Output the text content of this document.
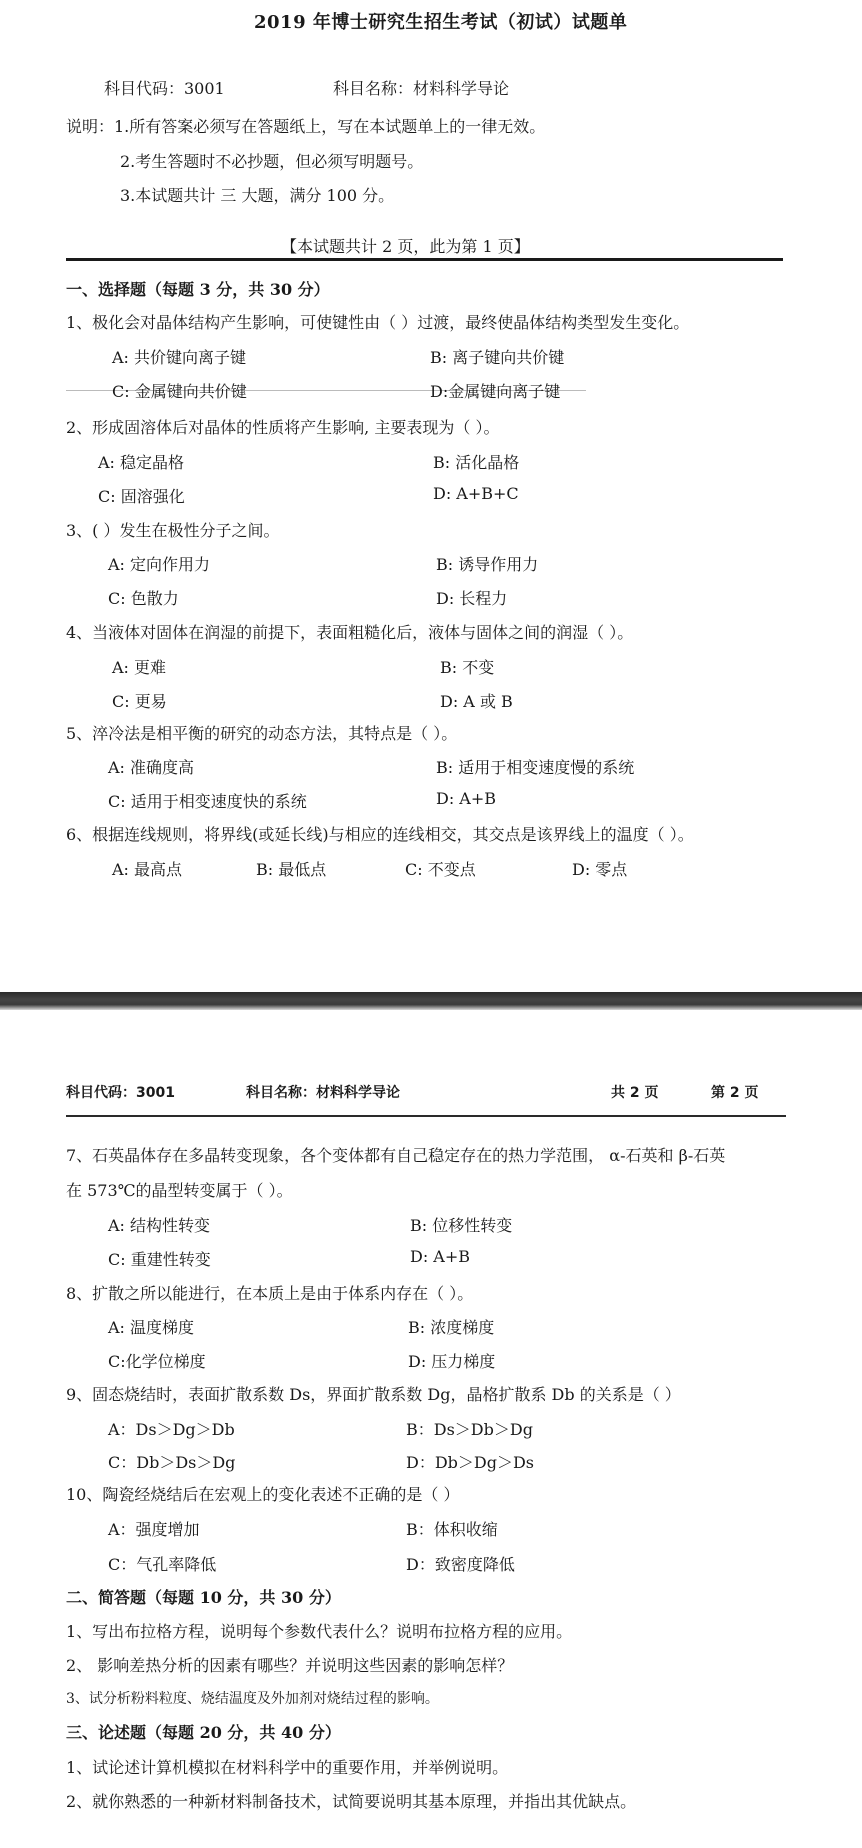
2019 年博士研究生招生考试（初试）试题单
科目代码：3001	科目名称：材料科学导论
说明：1.所有答案必须写在答题纸上，写在本试题单上的一律无效。
2.考生答题时不必抄题，但必须写明题号。
3.本试题共计 三 大题，满分 100 分。
【本试题共计 2 页，此为第 1 页】
一、选择题（每题 3 分，共 30 分）
1、极化会对晶体结构产生影响，可使键性由（ ）过渡，最终使晶体结构类型发生变化。
A: 共价键向离子键	B: 离子键向共价键
C: 金属键向共价键	D:金属键向离子键
2、形成固溶体后对晶体的性质将产生影响, 主要表现为（ ）。
A: 稳定晶格	B: 活化晶格
C: 固溶强化	D: A+B+C
3、( ）发生在极性分子之间。
A: 定向作用力	B: 诱导作用力
C: 色散力	D: 长程力
4、当液体对固体在润湿的前提下，表面粗糙化后，液体与固体之间的润湿（ ）。
A: 更难	B: 不变
C: 更易	D: A 或 B
5、淬冷法是相平衡的研究的动态方法，其特点是（ ）。
A: 准确度高	B: 适用于相变速度慢的系统
C: 适用于相变速度快的系统	D: A+B
6、根据连线规则，将界线(或延长线)与相应的连线相交，其交点是该界线上的温度（ ）。
A: 最高点	B: 最低点	C: 不变点	D: 零点
科目代码：3001	科目名称：材料科学导论	共 2 页	第 2 页
7、石英晶体存在多晶转变现象，各个变体都有自己稳定存在的热力学范围， α-石英和 β-石英
在 573℃的晶型转变属于（ ）。
A: 结构性转变	B: 位移性转变
C: 重建性转变	D: A+B
8、扩散之所以能进行，在本质上是由于体系内存在（ ）。
A: 温度梯度	B: 浓度梯度
C:化学位梯度	D: 压力梯度
9、固态烧结时，表面扩散系数 Ds，界面扩散系数 Dg，晶格扩散系 Db 的关系是（ ）
A：Ds＞Dg＞Db	B：Ds＞Db＞Dg
C：Db＞Ds＞Dg	D：Db＞Dg＞Ds
10、陶瓷经烧结后在宏观上的变化表述不正确的是（ ）
A：强度增加	B：体积收缩
C：气孔率降低	D：致密度降低
二、简答题（每题 10 分，共 30 分）
1、写出布拉格方程，说明每个参数代表什么？说明布拉格方程的应用。
2、 影响差热分析的因素有哪些？并说明这些因素的影响怎样？
3、试分析粉料粒度、烧结温度及外加剂对烧结过程的影响。
三、论述题（每题 20 分，共 40 分）
1、试论述计算机模拟在材料科学中的重要作用，并举例说明。
2、就你熟悉的一种新材料制备技术，试简要说明其基本原理，并指出其优缺点。
